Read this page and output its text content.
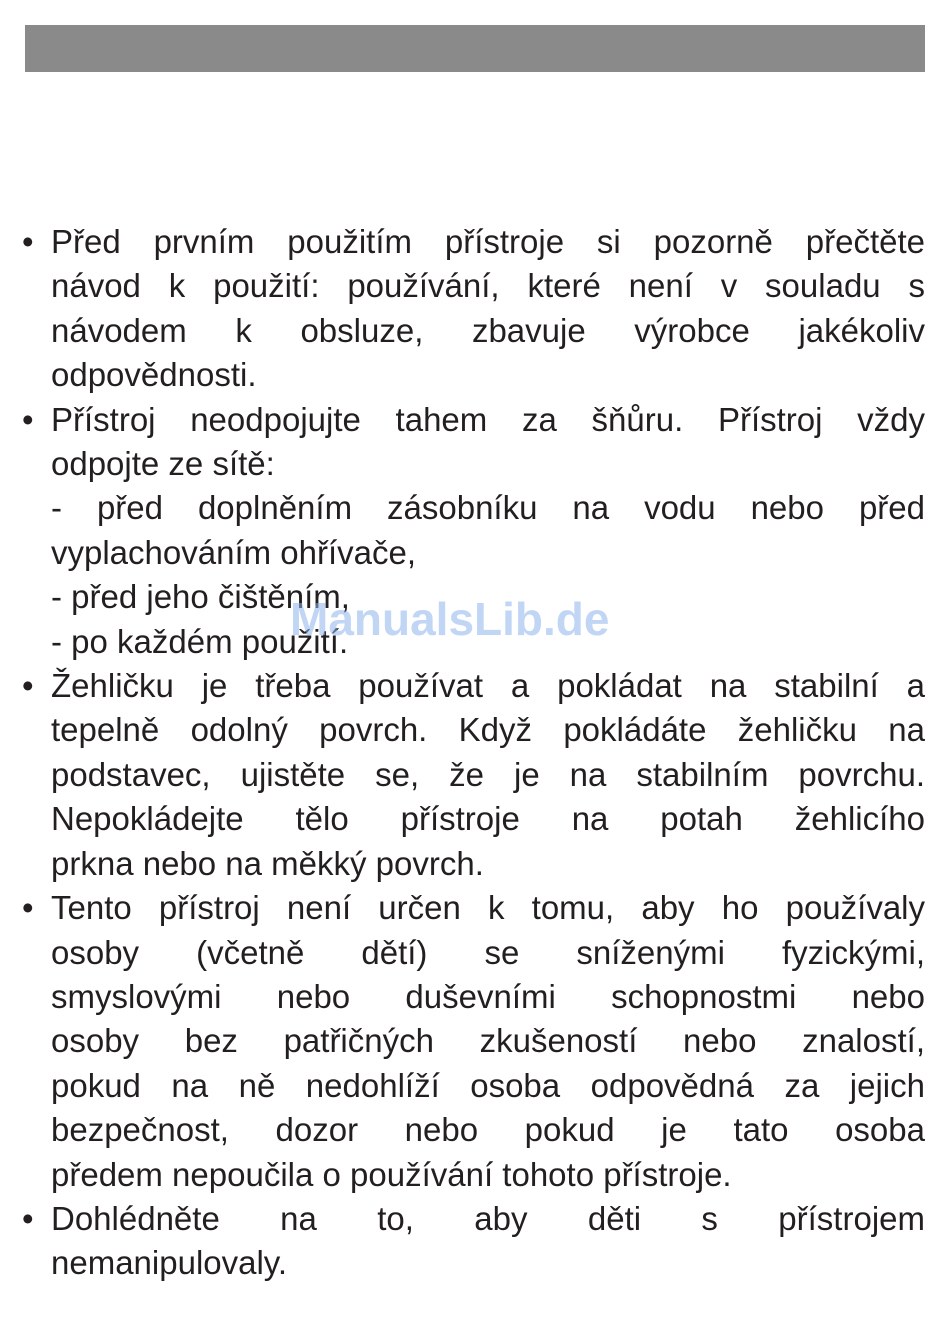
• Před prvním použitím přístroje si pozorně přečtěte
návod k použití: používání, které není v souladu s
návodem k obsluze, zbavuje výrobce jakékoliv
odpovědnosti.
• Přístroj neodpojujte tahem za šňůru. Přístroj vždy
odpojte ze sítě:
- před doplněním zásobníku na vodu nebo před
vyplachováním ohřívače,
- před jeho čištěním,
- po každém použití.
• Žehličku je třeba používat a pokládat na stabilní a
tepelně odolný povrch. Když pokládáte žehličku na
podstavec, ujistěte se, že je na stabilním povrchu.
Nepokládejte tělo přístroje na potah žehlicího
prkna nebo na měkký povrch.
• Tento přístroj není určen k tomu, aby ho používaly
osoby (včetně dětí) se sníženými fyzickými,
smyslovými nebo duševními schopnostmi nebo
osoby bez patřičných zkušeností nebo znalostí,
pokud na ně nedohlíží osoba odpovědná za jejich
bezpečnost, dozor nebo pokud je tato osoba
předem nepoučila o používání tohoto přístroje.
• Dohlédněte na to, aby děti s přístrojem
nemanipulovaly.
ManualsLib.de
